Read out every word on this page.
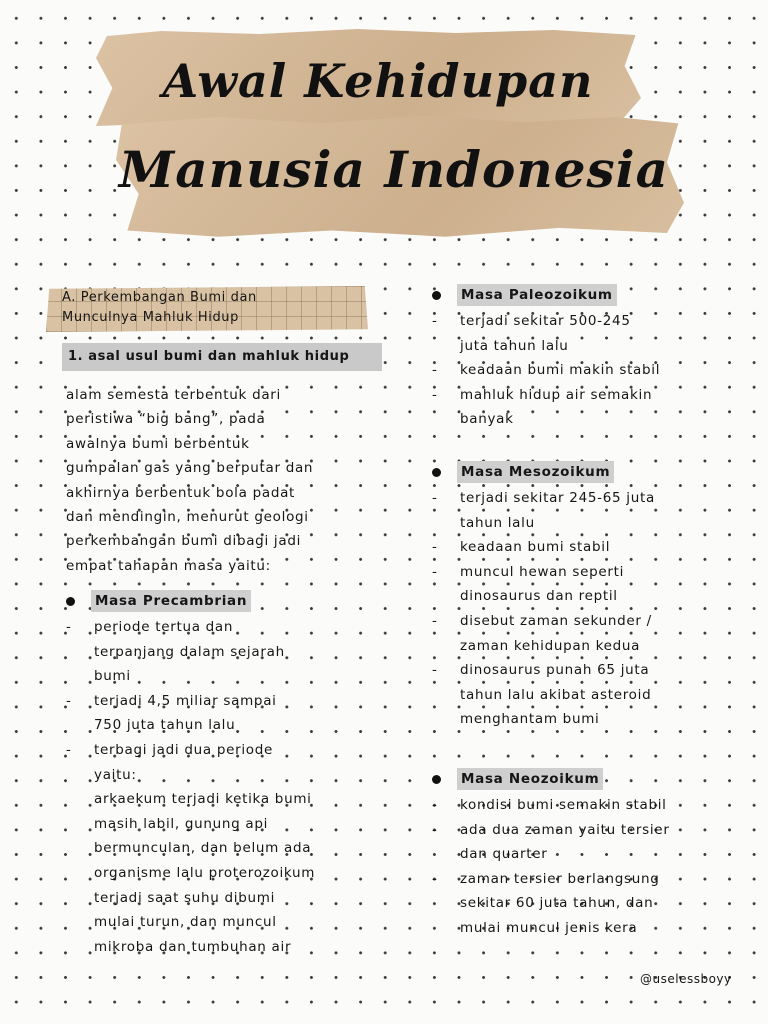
Awal Kehidupan
Manusia Indonesia
A. Perkembangan Bumi dan
Munculnya Mahluk Hidup
1. asal usul bumi dan mahluk hidup

alam semesta terbentuk dari

peristiwa “big bang”, pada

awalnya bumi berbentuk

gumpalan gas yang berputar dan

akhirnya berbentuk bola padat

dan mendingin, menurut geologi

perkembangan bumi dibagi jadi

empat tahapan masa yaitu:

Masa Precambrian
- periode tertua dan
terpanjang dalam sejarah
bumi
- terjadi 4,5 miliar sampai
750 juta tahun lalu
- terbagi jadi dua periode
yaitu:
arkaekum terjadi ketika bumi
masih labil, gunung api
bermunculan, dan belum ada
organisme lalu proterozoikum
terjadi saat suhu dibumi
mulai turun, dan muncul
mikroba dan tumbuhan air
Masa Paleozoikum
- terjadi sekitar 500-245
juta tahun lalu
- keadaan bumi makin stabil
- mahluk hidup air semakin
banyak
Masa Mesozoikum
- terjadi sekitar 245-65 juta
tahun lalu
- keadaan bumi stabil
- muncul hewan seperti
dinosaurus dan reptil
- disebut zaman sekunder /
zaman kehidupan kedua
- dinosaurus punah 65 juta
tahun lalu akibat asteroid
menghantam bumi
Masa Neozoikum
- kondisi bumi semakin stabil
- ada dua zaman yaitu tersier
dan quarter
- zaman tersier berlangsung
sekitar 60 juta tahun, dan
mulai muncul jenis kera
@uselessboyy
